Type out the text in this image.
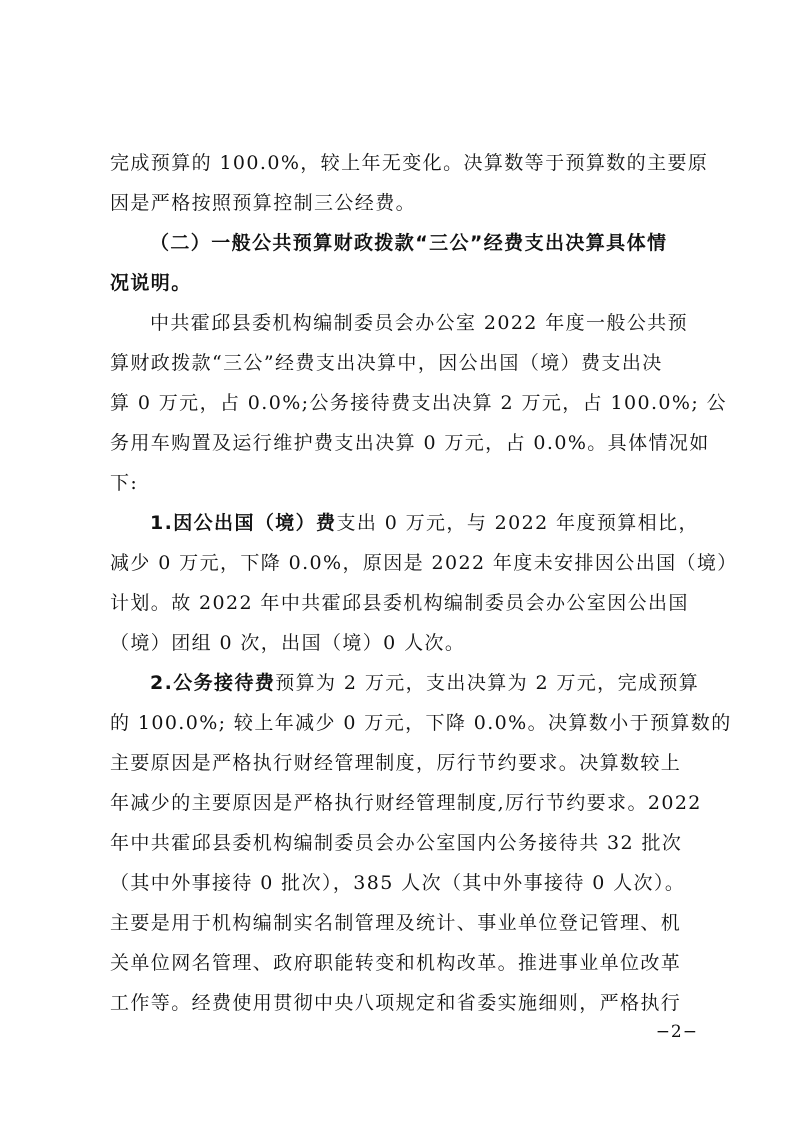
完成预算的 100.0%，较上年无变化。决算数等于预算数的主要原
因是严格按照预算控制三公经费。
（二）一般公共预算财政拨款“三公”经费支出决算具体情
况说明。
中共霍邱县委机构编制委员会办公室 2022 年度一般公共预
算财政拨款“三公”经费支出决算中，因公出国（境）费支出决
算 0 万元，占 0.0%;公务接待费支出决算 2 万元，占 100.0%; 公
务用车购置及运行维护费支出决算 0 万元，占 0.0%。具体情况如
下:
1.因公出国（境）费支出 0 万元，与 2022 年度预算相比，
减少 0 万元，下降 0.0%，原因是 2022 年度未安排因公出国（境）
计划。故 2022 年中共霍邱县委机构编制委员会办公室因公出国
（境）团组 0 次，出国（境）0 人次。
2.公务接待费预算为 2 万元，支出决算为 2 万元，完成预算
的 100.0%; 较上年减少 0 万元，下降 0.0%。决算数小于预算数的
主要原因是严格执行财经管理制度，厉行节约要求。决算数较上
年减少的主要原因是严格执行财经管理制度,厉行节约要求。2022
年中共霍邱县委机构编制委员会办公室国内公务接待共 32 批次
（其中外事接待 0 批次），385 人次（其中外事接待 0 人次）。
主要是用于机构编制实名制管理及统计、事业单位登记管理、机
关单位网名管理、政府职能转变和机构改革。推进事业单位改革
工作等。经费使用贯彻中央八项规定和省委实施细则，严格执行
−2−
